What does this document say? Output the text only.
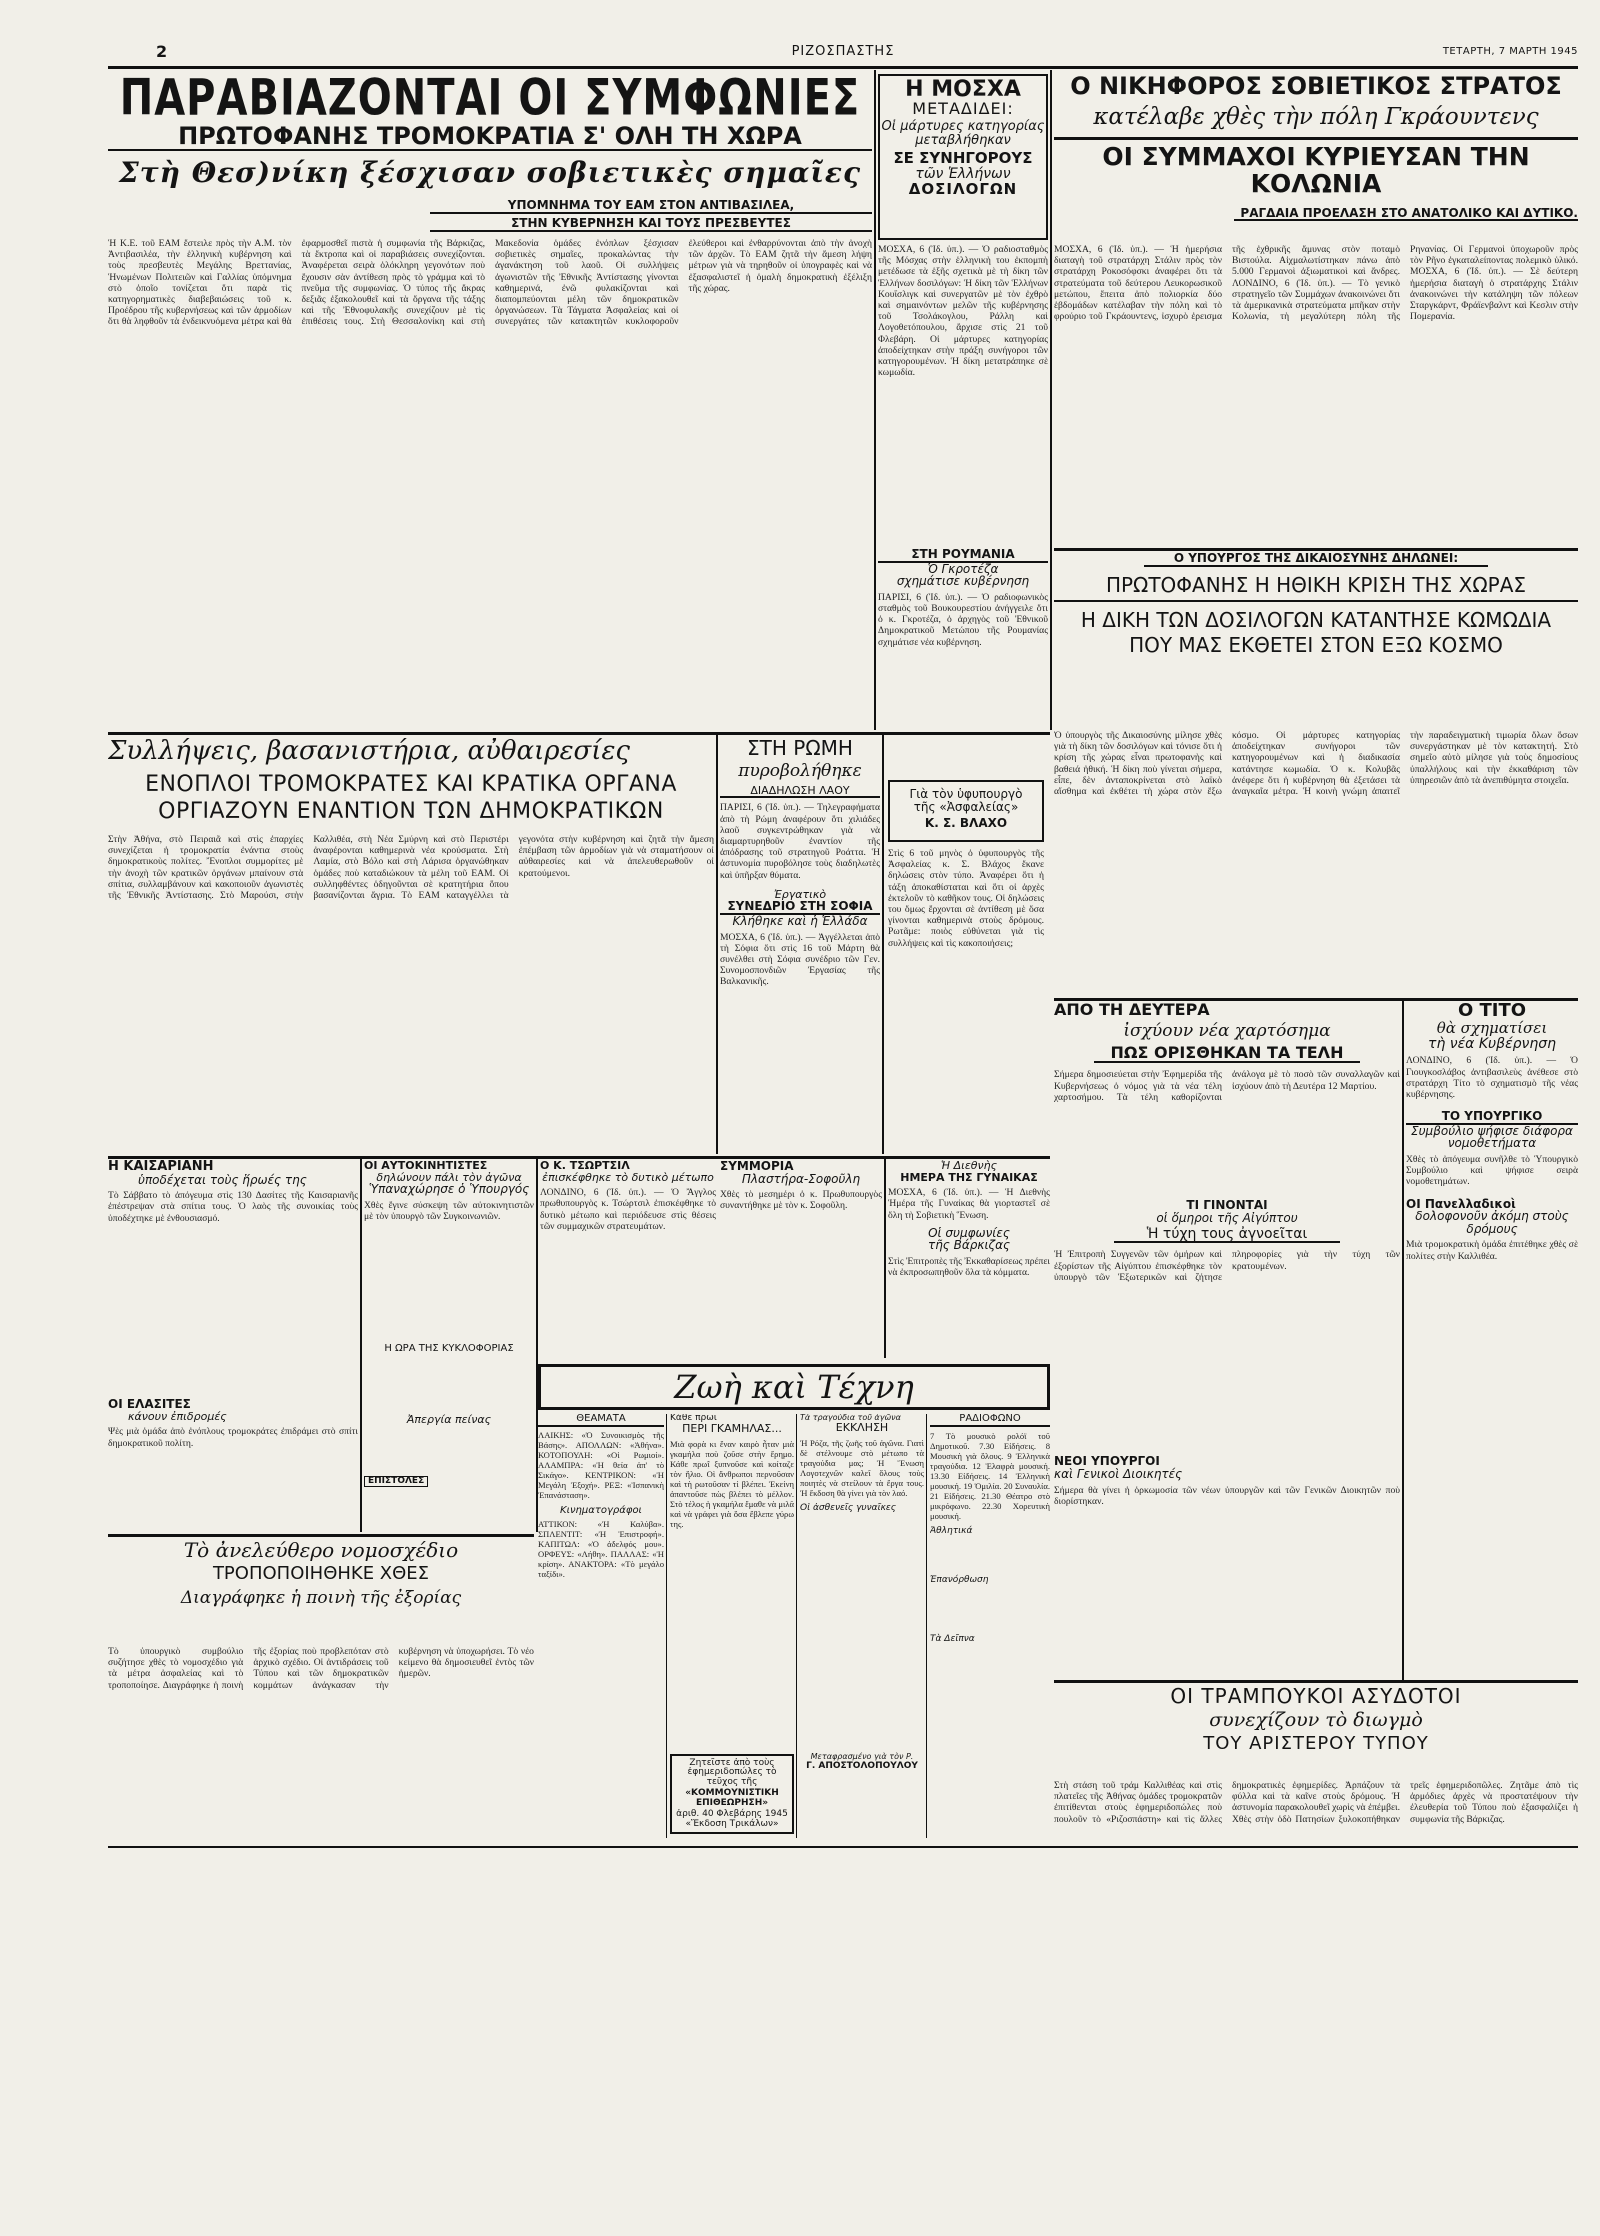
2	ΡΙΖΟΣΠΑΣΤΗΣ	ΤΕΤΑΡΤΗ, 7 ΜΑΡΤΗ 1945
ΠΑΡΑΒΙΑΖΟΝΤΑΙ ΟΙ ΣΥΜΦΩΝΙΕΣ
ΠΡΩΤΟΦΑΝΗΣ ΤΡΟΜΟΚΡΑΤΙΑ Σ' ΟΛΗ ΤΗ ΧΩΡΑ
Στὴ Θεσ)νίκη ξέσχισαν σοβιετικὲς σημαῖες
ΥΠΟΜΝΗΜΑ ΤΟΥ ΕΑΜ ΣΤΟΝ ΑΝΤΙΒΑΣΙΛΕΑ,
ΣΤΗΝ ΚΥΒΕΡΝΗΣΗ ΚΑΙ ΤΟΥΣ ΠΡΕΣΒΕΥΤΕΣ

Ἡ Κ.Ε. τοῦ ΕΑΜ ἔστειλε πρὸς τὴν Α.Μ. τὸν Ἀντιβασιλέα, τὴν ἑλληνικὴ κυβέρνηση καὶ τοὺς πρεσβευτὲς Μεγάλης Βρεττανίας, Ἡνωμένων Πολιτειῶν καὶ Γαλλίας ὑπόμνημα στὸ ὁποῖο τονίζεται ὅτι παρὰ τὶς κατηγορηματικὲς διαβεβαιώσεις τοῦ κ. Προέδρου τῆς κυβερνήσεως καὶ τῶν ἁρμοδίων ὅτι θὰ ληφθοῦν τὰ ἐνδεικνυόμενα μέτρα καὶ θὰ ἐφαρμοσθεῖ πιστὰ ἡ συμφωνία τῆς Βάρκιζας, τὰ ἔκτροπα καὶ οἱ παραβιάσεις συνεχίζονται. Ἀναφέρεται σειρὰ ὁλόκληρη γεγονότων ποὺ ἔχουσιν σὰν ἀντίθεση πρὸς τὸ γράμμα καὶ τὸ πνεῦμα τῆς συμφωνίας. Ὁ τύπος τῆς ἄκρας δεξιᾶς ἐξακολουθεῖ καὶ τὰ ὄργανα τῆς τάξης καὶ τῆς Ἐθνοφυλακῆς συνεχίζουν μὲ τὶς ἐπιθέσεις τους. Στὴ Θεσσαλονίκη καὶ στὴ Μακεδονία ὁμάδες ἐνόπλων ξέσχισαν σοβιετικὲς σημαῖες, προκαλώντας τὴν ἀγανάκτηση τοῦ λαοῦ. Οἱ συλλήψεις ἀγωνιστῶν τῆς Ἐθνικῆς Ἀντίστασης γίνονται καθημερινά, ἐνῶ φυλακίζονται καὶ διαπομπεύονται μέλη τῶν δημοκρατικῶν ὀργανώσεων. Τὰ Τάγματα Ἀσφαλείας καὶ οἱ συνεργάτες τῶν κατακτητῶν κυκλοφοροῦν ἐλεύθεροι καὶ ἐνθαρρύνονται ἀπὸ τὴν ἀνοχὴ τῶν ἀρχῶν. Τὸ ΕΑΜ ζητᾶ τὴν ἄμεση λήψη μέτρων γιὰ νὰ τηρηθοῦν οἱ ὑπογραφὲς καὶ νὰ ἐξασφαλιστεῖ ἡ ὁμαλὴ δημοκρατικὴ ἐξέλιξη τῆς χώρας.

Η ΜΟΣΧΑ
ΜΕΤΑΔΙΔΕΙ:
Οἱ μάρτυρες κατηγορίας μεταβλήθηκαν
ΣΕ ΣΥΝΗΓΟΡΟΥΣ
τῶν Ἑλλήνων
ΔΟΣΙΛΟΓΩΝ

ΜΟΣΧΑ, 6 (Ἰδ. ὑπ.). — Ὁ ραδιοσταθμὸς τῆς Μόσχας στὴν ἑλληνικὴ του ἐκπομπὴ μετέδωσε τὰ ἑξῆς σχετικὰ μὲ τὴ δίκη τῶν Ἑλλήνων δοσιλόγων: Ἡ δίκη τῶν Ἑλλήνων Κουΐσλιγκ καὶ συνεργατῶν μὲ τὸν ἐχθρὸ καὶ σημαινόντων μελῶν τῆς κυβέρνησης τοῦ Τσολάκογλου, Ράλλη καὶ Λογοθετόπουλου, ἄρχισε στὶς 21 τοῦ Φλεβάρη. Οἱ μάρτυρες κατηγορίας ἀποδείχτηκαν στὴν πράξη συνήγοροι τῶν κατηγορουμένων. Ἡ δίκη μετατράπηκε σὲ κωμωδία.

ΣΤΗ ΡΟΥΜΑΝΙΑ
Ὁ Γκροτέζα
σχημάτισε κυβέρνηση

ΠΑΡΙΣΙ, 6 (Ἰδ. ὑπ.). — Ὁ ραδιοφωνικὸς σταθμὸς τοῦ Βουκουρεστίου ἀνήγγειλε ὅτι ὁ κ. Γκροτέζα, ὁ ἀρχηγὸς τοῦ Ἐθνικοῦ Δημοκρατικοῦ Μετώπου τῆς Ρουμανίας σχημάτισε νέα κυβέρνηση.

Ο ΝΙΚΗΦΟΡΟΣ ΣΟΒΙΕΤΙΚΟΣ ΣΤΡΑΤΟΣ
κατέλαβε χθὲς τὴν πόλη Γκράουντενς
ΟΙ ΣΥΜΜΑΧΟΙ ΚΥΡΙΕΥΣΑΝ ΤΗΝ ΚΟΛΩΝΙΑ
ΡΑΓΔΑΙΑ ΠΡΟΕΛΑΣΗ ΣΤΟ ΑΝΑΤΟΛΙΚΟ ΚΑΙ ΔΥΤΙΚΟ.

ΜΟΣΧΑ, 6 (Ἰδ. ὑπ.). — Ἡ ἡμερήσια διαταγὴ τοῦ στρατάρχη Στάλιν πρὸς τὸν στρατάρχη Ροκοσόφσκι ἀναφέρει ὅτι τὰ στρατεύματα τοῦ δεύτερου Λευκορωσικοῦ μετώπου, ἔπειτα ἀπὸ πολιορκία δύο ἑβδομάδων κατέλαβαν τὴν πόλη καὶ τὸ φρούριο τοῦ Γκράουντενς, ἰσχυρὸ ἐρεισμα τῆς ἐχθρικῆς ἄμυνας στὸν ποταμὸ Βιστούλα. Αἰχμαλωτίστηκαν πάνω ἀπὸ 5.000 Γερμανοὶ ἀξιωματικοὶ καὶ ἄνδρες. ΛΟΝΔΙΝΟ, 6 (Ἰδ. ὑπ.). — Τὸ γενικὸ στρατηγεῖο τῶν Συμμάχων ἀνακοινώνει ὅτι τὰ ἀμερικανικὰ στρατεύματα μπῆκαν στὴν Κολωνία, τὴ μεγαλύτερη πόλη τῆς Ρηνανίας. Οἱ Γερμανοὶ ὑποχωροῦν πρὸς τὸν Ρῆνο ἐγκαταλείποντας πολεμικὸ ὑλικό. ΜΟΣΧΑ, 6 (Ἰδ. ὑπ.). — Σὲ δεύτερη ἡμερήσια διαταγὴ ὁ στρατάρχης Στάλιν ἀνακοινώνει τὴν κατάληψη τῶν πόλεων Σταργκάρντ, Φράϊενβαλντ καὶ Κεσλιν στὴν Πομερανία.

Ο ΥΠΟΥΡΓΟΣ ΤΗΣ ΔΙΚΑΙΟΣΥΝΗΣ ΔΗΛΩΝΕΙ:
ΠΡΩΤΟΦΑΝΗΣ Η ΗΘΙΚΗ ΚΡΙΣΗ ΤΗΣ ΧΩΡΑΣ
Η ΔΙΚΗ ΤΩΝ ΔΟΣΙΛΟΓΩΝ ΚΑΤΑΝΤΗΣΕ ΚΩΜΩΔΙΑ
ΠΟΥ ΜΑΣ ΕΚΘΕΤΕΙ ΣΤΟΝ ΕΞΩ ΚΟΣΜΟ

Ὁ ὑπουργὸς τῆς Δικαιοσύνης μίλησε χθὲς γιὰ τὴ δίκη τῶν δοσιλόγων καὶ τόνισε ὅτι ἡ κρίση τῆς χώρας εἶναι πρωτοφανὴς καὶ βαθειά ἠθική. Ἡ δίκη ποὺ γίνεται σήμερα, εἶπε, δὲν ἀνταποκρίνεται στὸ λαϊκὸ αἴσθημα καὶ ἐκθέτει τὴ χώρα στὸν ἔξω κόσμο. Οἱ μάρτυρες κατηγορίας ἀποδείχτηκαν συνήγοροι τῶν κατηγορουμένων καὶ ἡ διαδικασία κατάντησε κωμωδία. Ὁ κ. Κολυβᾶς ἀνέφερε ὅτι ἡ κυβέρνηση θὰ ἐξετάσει τὰ ἀναγκαῖα μέτρα. Ἡ κοινὴ γνώμη ἀπαιτεῖ τὴν παραδειγματικὴ τιμωρία ὅλων ὅσων συνεργάστηκαν μὲ τὸν κατακτητή. Στὸ σημεῖο αὐτὸ μίλησε γιὰ τοὺς δημοσίους ὑπαλλήλους καὶ τὴν ἐκκαθάριση τῶν ὑπηρεσιῶν ἀπὸ τὰ ἀνεπιθύμητα στοιχεῖα.

Συλλήψεις, βασανιστήρια, αὐθαιρεσίες
ΕΝΟΠΛΟΙ ΤΡΟΜΟΚΡΑΤΕΣ ΚΑΙ ΚΡΑΤΙΚΑ ΟΡΓΑΝΑ
ΟΡΓΙΑΖΟΥΝ ΕΝΑΝΤΙΟΝ ΤΩΝ ΔΗΜΟΚΡΑΤΙΚΩΝ

Στὴν Ἀθήνα, στὸ Πειραιᾶ καὶ στὶς ἐπαρχίες συνεχίζεται ἡ τρομοκρατία ἐνάντια στοὺς δημοκρατικοὺς πολίτες. Ἔνοπλοι συμμορίτες μὲ τὴν ἀνοχὴ τῶν κρατικῶν ὀργάνων μπαίνουν στὰ σπίτια, συλλαμβάνουν καὶ κακοποιοῦν ἀγωνιστὲς τῆς Ἐθνικῆς Ἀντίστασης. Στὸ Μαρούσι, στὴν Καλλιθέα, στὴ Νέα Σμύρνη καὶ στὸ Περιστέρι ἀναφέρονται καθημερινὰ νέα κρούσματα. Στὴ Λαμία, στὸ Βόλο καὶ στὴ Λάρισα ὀργανώθηκαν ὁμάδες ποὺ καταδιώκουν τὰ μέλη τοῦ ΕΑΜ. Οἱ συλληφθέντες ὁδηγοῦνται σὲ κρατητήρια ὅπου βασανίζονται ἄγρια. Τὸ ΕΑΜ καταγγέλλει τὰ γεγονότα στὴν κυβέρνηση καὶ ζητᾶ τὴν ἄμεση ἐπέμβαση τῶν ἁρμοδίων γιὰ νὰ σταματήσουν οἱ αὐθαιρεσίες καὶ νὰ ἀπελευθερωθοῦν οἱ κρατούμενοι.

ΣΤΗ ΡΩΜΗ
πυροβολήθηκε
ΔΙΑΔΗΛΩΣΗ ΛΑΟΥ

ΠΑΡΙΣΙ, 6 (Ἰδ. ὑπ.). — Τηλεγραφήματα ἀπὸ τὴ Ρώμη ἀναφέρουν ὅτι χιλιάδες λαοῦ συγκεντρώθηκαν γιὰ νὰ διαμαρτυρηθοῦν ἐναντίον τῆς ἀπόδρασης τοῦ στρατηγοῦ Ροάττα. Ἡ ἀστυνομία πυροβόλησε τοὺς διαδηλωτὲς καὶ ὑπῆρξαν θύματα.

Ἐργατικὸ
ΣΥΝΕΔΡΙΟ ΣΤΗ ΣΟΦΙΑ
Κλήθηκε καὶ ἡ Ἑλλάδα

ΜΟΣΧΑ, 6 (Ἰδ. ὑπ.). — Ἀγγέλλεται ἀπὸ τὴ Σόφια ὅτι στὶς 16 τοῦ Μάρτη θὰ συνέλθει στὴ Σόφια συνέδριο τῶν Γεν. Συνομοσπονδιῶν Ἐργασίας τῆς Βαλκανικῆς.

Γιὰ τὸν ὑφυπουργὸ
τῆς «Ἀσφαλείας»
Κ. Σ. ΒΛΑΧΟ

Στὶς 6 τοῦ μηνὸς ὁ ὑφυπουργὸς τῆς Ἀσφαλείας κ. Σ. Βλάχος ἔκανε δηλώσεις στὸν τύπο. Ἀναφέρει ὅτι ἡ τάξη ἀποκαθίσταται καὶ ὅτι οἱ ἀρχὲς ἐκτελοῦν τὸ καθῆκον τους. Οἱ δηλώσεις του ὅμως ἔρχονται σὲ ἀντίθεση μὲ ὅσα γίνονται καθημερινὰ στοὺς δρόμους. Ρωτᾶμε: ποιὸς εὐθύνεται γιὰ τὶς συλλήψεις καὶ τὶς κακοποιήσεις;

ΑΠΟ ΤΗ ΔΕΥΤΕΡΑ
ἰσχύουν νέα χαρτόσημα
ΠΩΣ ΟΡΙΣΘΗΚΑΝ ΤΑ ΤΕΛΗ

Σήμερα δημοσιεύεται στὴν Ἐφημερίδα τῆς Κυβερνήσεως ὁ νόμος γιὰ τὰ νέα τέλη χαρτοσήμου. Τὰ τέλη καθορίζονται ἀνάλογα μὲ τὸ ποσὸ τῶν συναλλαγῶν καὶ ἰσχύουν ἀπὸ τὴ Δευτέρα 12 Μαρτίου.

ΤΙ ΓΙΝΟΝΤΑΙ
οἱ ὅμηροι τῆς Αἰγύπτου
Ἡ τύχη τους ἀγνοεῖται

Ἡ Ἐπιτροπὴ Συγγενῶν τῶν ὁμήρων καὶ ἐξορίστων τῆς Αἰγύπτου ἐπισκέφθηκε τὸν ὑπουργὸ τῶν Ἐξωτερικῶν καὶ ζήτησε πληροφορίες γιὰ τὴν τύχη τῶν κρατουμένων.

ΝΕΟΙ ΥΠΟΥΡΓΟΙ
καὶ Γενικοὶ Διοικητές

Σήμερα θὰ γίνει ἡ ὁρκωμοσία τῶν νέων ὑπουργῶν καὶ τῶν Γενικῶν Διοικητῶν ποὺ διορίστηκαν.

Ο ΤΙΤΟ
θὰ σχηματίσει
τὴ νέα Κυβέρνηση

ΛΟΝΔΙΝΟ, 6 (Ἰδ. ὑπ.). — Ὁ Γιουγκοσλάβος ἀντιβασιλεὺς ἀνέθεσε στὸ στρατάρχη Τίτο τὸ σχηματισμὸ τῆς νέας κυβέρνησης.

ΤΟ ΥΠΟΥΡΓΙΚΟ
Συμβούλιο ψήφισε διάφορα νομοθετήματα

Χθὲς τὸ ἀπόγευμα συνῆλθε τὸ Ὑπουργικὸ Συμβούλιο καὶ ψήφισε σειρὰ νομοθετημάτων.

ΟΙ Πανελλαδικοὶ
δολοφονοῦν ἀκόμη στοὺς δρόμους

Μιὰ τρομοκρατικὴ ὁμάδα ἐπιτέθηκε χθὲς σὲ πολίτες στὴν Καλλιθέα.

Η ΚΑΙΣΑΡΙΑΝΗ
ὑποδέχεται τοὺς ἥρωές της

Τὸ Σάββατο τὸ ἀπόγευμα στὶς 130 Δασίτες τῆς Καισαριανῆς ἐπέστρεψαν στὰ σπίτια τους. Ὁ λαὸς τῆς συνοικίας τοὺς ὑποδέχτηκε μὲ ἐνθουσιασμό.

ΟΙ ΕΛΑΣΙΤΕΣ
κάνουν ἐπιδρομές

Ψὲς μιὰ ὁμάδα ἀπὸ ἐνόπλους τρομοκράτες ἐπιδράμει στὸ σπίτι δημοκρατικοῦ πολίτη.

ΟΙ ΑΥΤΟΚΙΝΗΤΙΣΤΕΣ
δηλώνουν πάλι τὸν ἀγῶνα
Ὑπαναχώρησε ὁ Ὑπουργός

Χθὲς ἔγινε σύσκεψη τῶν αὐτοκινητιστῶν μὲ τὸν ὑπουργὸ τῶν Συγκοινωνιῶν.

Η ΩΡΑ ΤΗΣ ΚΥΚΛΟΦΟΡΙΑΣ
Ἀπεργία πείνας
ΕΠΙΣΤΟΛΕΣ
Ο Κ. ΤΣΩΡΤΣΙΛ
ἐπισκέφθηκε τὸ δυτικὸ μέτωπο

ΛΟΝΔΙΝΟ, 6 (Ἰδ. ὑπ.). — Ὁ Ἄγγλος πρωθυπουργὸς κ. Τσώρτσιλ ἐπισκέφθηκε τὸ δυτικὸ μέτωπο καὶ περιόδευσε στὶς θέσεις τῶν συμμαχικῶν στρατευμάτων.

ΣΥΜΜΟΡΙΑ
Πλαστήρα-Σοφοῦλη

Χθὲς τὸ μεσημέρι ὁ κ. Πρωθυπουργὸς συναντήθηκε μὲ τὸν κ. Σοφοῦλη.

Ἡ Διεθνὴς
ΗΜΕΡΑ ΤΗΣ ΓΥΝΑΙΚΑΣ

ΜΟΣΧΑ, 6 (Ἰδ. ὑπ.). — Ἡ Διεθνὴς Ἡμέρα τῆς Γυναίκας θὰ γιορταστεῖ σὲ ὅλη τὴ Σοβιετικὴ Ἕνωση.

Οἱ συμφωνίες
τῆς Βάρκιζας

Στὶς Ἐπιτροπὲς τῆς Ἐκκαθαρίσεως πρέπει νὰ ἐκπροσωπηθοῦν ὅλα τὰ κόμματα.

Ζωὴ καὶ Τέχνη
ΘΕΑΜΑΤΑ

ΛΑΙΚΗΣ: «Ὁ Συνοικισμὸς τῆς Βάσης». ΑΠΟΛΛΩΝ: «Ἀθήνα». ΚΟΤΟΠΟΥΛΗ: «Οἱ Ρωμιοί». ΑΛΑΜΠΡΑ: «Ἡ θεία ἀπ' τὸ Σικάγο». ΚΕΝΤΡΙΚΟΝ: «Ἡ Μεγάλη Ἐξοχή». ΡΕΞ: «Ἰσπανικὴ Ἐπανάσταση».

Κινηματογράφοι

ΑΤΤΙΚΟΝ: «Ἡ Καλύβα». ΣΠΛΕΝΤΙΤ: «Ἡ Ἐπιστροφή». ΚΑΠΙΤΩΛ: «Ὁ ἀδελφός μου». ΟΡΦΕΥΣ: «Λήθη». ΠΑΛΛΑΣ: «Ἡ κρίση». ΑΝΑΚΤΟΡΑ: «Τὸ μεγάλο ταξίδι».

Κάθε πρωΐ
ΠΕΡΙ ΓΚΑΜΗΛΑΣ...

Μιὰ φορὰ κι ἕναν καιρὸ ἦταν μιὰ γκαμήλα ποὺ ζοῦσε στὴν ἔρημο. Κάθε πρωΐ ξυπνοῦσε καὶ κοίταζε τὸν ἥλιο. Οἱ ἄνθρωποι περνοῦσαν καὶ τὴ ρωτοῦσαν τί βλέπει. Ἐκείνη ἀπαντοῦσε πὼς βλέπει τὸ μέλλον. Στὸ τέλος ἡ γκαμήλα ἔμαθε νὰ μιλᾶ καὶ νὰ γράφει γιὰ ὅσα ἔβλεπε γύρω της.

Ζητεῖστε ἀπὸ τοὺς ἐφημεριδοπώλες τὸ τεῦχος τῆς
«ΚΟΜΜΟΥΝΙΣΤΙΚΗ ΕΠΙΘΕΩΡΗΣΗ»
ἀριθ. 40 Φλεβάρης 1945 «Ἔκδοση Τρικάλων»
Τὰ τραγούδια τοῦ ἀγῶνα
ΕΚΚΛΗΣΗ

Ἡ Ρόζα, τῆς ζωῆς τοῦ ἀγῶνα. Γιατὶ δὲ στέλνουμε στὸ μέτωπο τὰ τραγούδια μας; Ἡ Ἕνωση Λογοτεχνῶν καλεῖ ὅλους τοὺς ποιητὲς νὰ στείλουν τὰ ἔργα τους. Ἡ ἔκδοση θὰ γίνει γιὰ τὸν λαό.

Οἱ ἀσθενεῖς γυναῖκες
Μεταφρασμένο γιὰ τὸν Ρ.
Γ. ΑΠΟΣΤΟΛΟΠΟΥΛΟΥ
ΡΑΔΙΟΦΩΝΟ

7 Τὸ μουσικὸ ρολόϊ τοῦ Δημοτικοῦ. 7.30 Εἰδήσεις. 8 Μουσικὴ γιὰ ὅλους. 9 Ἑλληνικὰ τραγούδια. 12 Ἐλαφρὰ μουσική. 13.30 Εἰδήσεις. 14 Ἑλληνικὴ μουσική. 19 Ὁμιλία. 20 Συναυλία. 21 Εἰδήσεις. 21.30 Θέατρο στὸ μικρόφωνο. 22.30 Χορευτικὴ μουσική.

Ἀθλητικά
Ἐπανόρθωση
Τὰ Δεῖπνα
Τὸ ἀνελεύθερο νομοσχέδιο
ΤΡΟΠΟΠΟΙΗΘΗΚΕ ΧΘΕΣ
Διαγράφηκε ἡ ποινὴ τῆς ἐξορίας

Τὸ ὑπουργικὸ συμβούλιο συζήτησε χθὲς τὸ νομοσχέδιο γιὰ τὰ μέτρα ἀσφαλείας καὶ τὸ τροποποίησε. Διαγράφηκε ἡ ποινὴ τῆς ἐξορίας ποὺ προβλεπόταν στὸ ἀρχικὸ σχέδιο. Οἱ ἀντιδράσεις τοῦ Τύπου καὶ τῶν δημοκρατικῶν κομμάτων ἀνάγκασαν τὴν κυβέρνηση νὰ ὑποχωρήσει. Τὸ νέο κείμενο θὰ δημοσιευθεῖ ἐντὸς τῶν ἡμερῶν.

ΟΙ ΤΡΑΜΠΟΥΚΟΙ ΑΣΥΔΟΤΟΙ
συνεχίζουν τὸ διωγμὸ
ΤΟΥ ΑΡΙΣΤΕΡΟΥ ΤΥΠΟΥ

Στὴ στάση τοῦ τράμ Καλλιθέας καὶ στὶς πλατεῖες τῆς Ἀθήνας ὁμάδες τρομοκρατῶν ἐπιτίθενται στοὺς ἐφημεριδοπώλες ποὺ πουλοῦν τὸ «Ριζοσπάστη» καὶ τὶς ἄλλες δημοκρατικὲς ἐφημερίδες. Ἀρπάζουν τὰ φύλλα καὶ τὰ καῖνε στοὺς δρόμους. Ἡ ἀστυνομία παρακολουθεῖ χωρὶς νὰ ἐπέμβει. Χθὲς στὴν ὁδὸ Πατησίων ξυλοκοπήθηκαν τρεῖς ἐφημεριδοπῶλες. Ζητᾶμε ἀπὸ τὶς ἁρμόδιες ἀρχὲς νὰ προστατέψουν τὴν ἐλευθερία τοῦ Τύπου ποὺ ἐξασφαλίζει ἡ συμφωνία τῆς Βάρκιζας.
